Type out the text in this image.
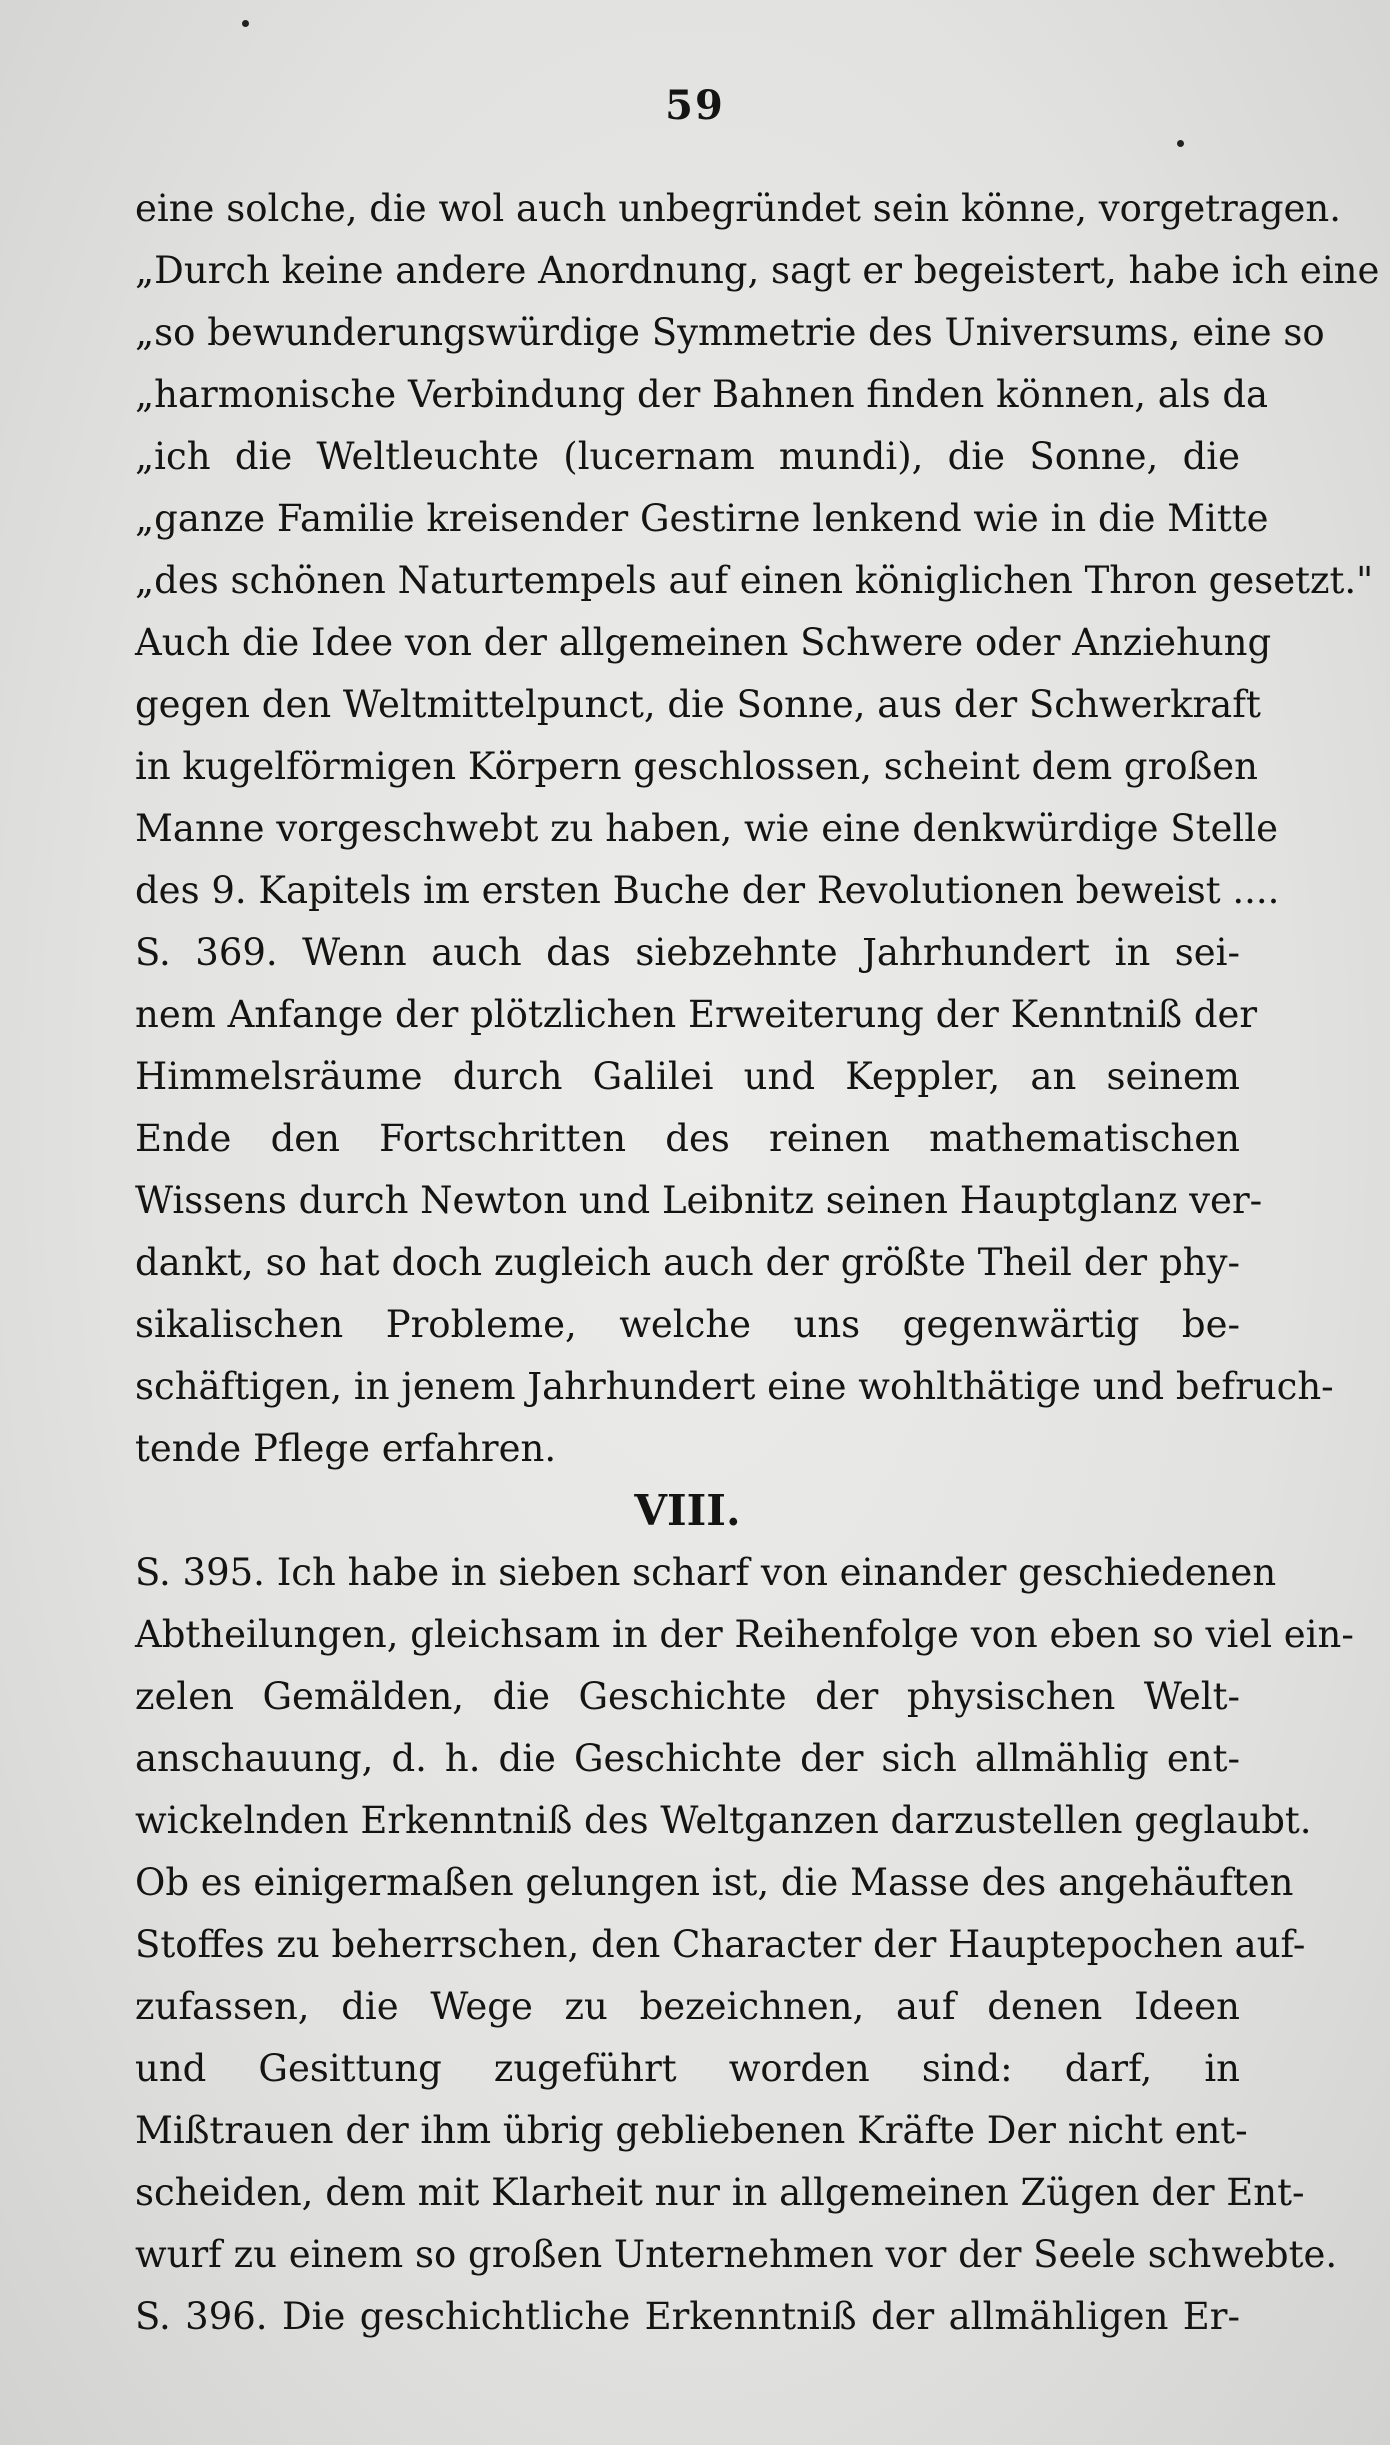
59
eine solche, die wol auch unbegründet sein könne, vorgetragen.
„Durch keine andere Anordnung, sagt er begeistert, habe ich eine
„so bewunderungswürdige Symmetrie des Universums, eine so
„harmonische Verbindung der Bahnen finden können, als da
„ich die Weltleuchte (lucernam mundi), die Sonne, die
„ganze Familie kreisender Gestirne lenkend wie in die Mitte
„des schönen Naturtempels auf einen königlichen Thron gesetzt."
Auch die Idee von der allgemeinen Schwere oder Anziehung
gegen den Weltmittelpunct, die Sonne, aus der Schwerkraft
in kugelförmigen Körpern geschlossen, scheint dem großen
Manne vorgeschwebt zu haben, wie eine denkwürdige Stelle
des 9. Kapitels im ersten Buche der Revolutionen beweist ....
S. 369. Wenn auch das siebzehnte Jahrhundert in sei-
nem Anfange der plötzlichen Erweiterung der Kenntniß der
Himmelsräume durch Galilei und Keppler, an seinem
Ende den Fortschritten des reinen mathematischen
Wissens durch Newton und Leibnitz seinen Hauptglanz ver-
dankt, so hat doch zugleich auch der größte Theil der phy-
sikalischen Probleme, welche uns gegenwärtig be-
schäftigen, in jenem Jahrhundert eine wohlthätige und befruch-
tende Pflege erfahren.
VIII.
S. 395. Ich habe in sieben scharf von einander geschiedenen
Abtheilungen, gleichsam in der Reihenfolge von eben so viel ein-
zelen Gemälden, die Geschichte der physischen Welt-
anschauung, d. h. die Geschichte der sich allmählig ent-
wickelnden Erkenntniß des Weltganzen darzustellen geglaubt.
Ob es einigermaßen gelungen ist, die Masse des angehäuften
Stoffes zu beherrschen, den Character der Hauptepochen auf-
zufassen, die Wege zu bezeichnen, auf denen Ideen
und Gesittung zugeführt worden sind: darf, in
Mißtrauen der ihm übrig gebliebenen Kräfte Der nicht ent-
scheiden, dem mit Klarheit nur in allgemeinen Zügen der Ent-
wurf zu einem so großen Unternehmen vor der Seele schwebte.
S. 396. Die geschichtliche Erkenntniß der allmähligen Er-
